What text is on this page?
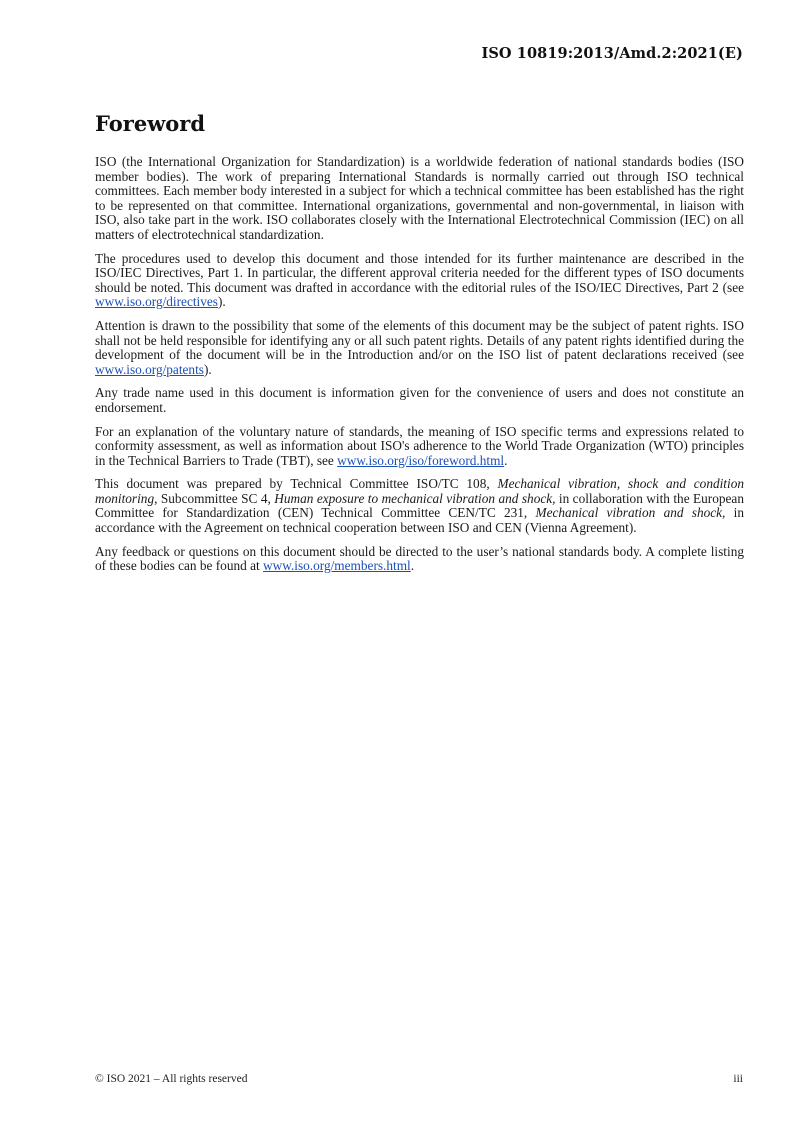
ISO 10819:2013/Amd.2:2021(E)
Foreword

ISO (the International Organization for Standardization) is a worldwide federation of national standards bodies (ISO member bodies). The work of preparing International Standards is normally carried out through ISO technical committees. Each member body interested in a subject for which a technical committee has been established has the right to be represented on that committee. International organizations, governmental and non-governmental, in liaison with ISO, also take part in the work. ISO collaborates closely with the International Electrotechnical Commission (IEC) on all matters of electrotechnical standardization.

The procedures used to develop this document and those intended for its further maintenance are described in the ISO/IEC Directives, Part 1. In particular, the different approval criteria needed for the different types of ISO documents should be noted. This document was drafted in accordance with the editorial rules of the ISO/IEC Directives, Part 2 (see www.iso.org/directives).

Attention is drawn to the possibility that some of the elements of this document may be the subject of patent rights. ISO shall not be held responsible for identifying any or all such patent rights. Details of any patent rights identified during the development of the document will be in the Introduction and/or on the ISO list of patent declarations received (see www.iso.org/patents).

Any trade name used in this document is information given for the convenience of users and does not constitute an endorsement.

For an explanation of the voluntary nature of standards, the meaning of ISO specific terms and expressions related to conformity assessment, as well as information about ISO's adherence to the World Trade Organization (WTO) principles in the Technical Barriers to Trade (TBT), see www.iso.org/iso/foreword.html.

This document was prepared by Technical Committee ISO/TC 108, Mechanical vibration, shock and condition monitoring, Subcommittee SC 4, Human exposure to mechanical vibration and shock, in collaboration with the European Committee for Standardization (CEN) Technical Committee CEN/TC 231, Mechanical vibration and shock, in accordance with the Agreement on technical cooperation between ISO and CEN (Vienna Agreement).

Any feedback or questions on this document should be directed to the user’s national standards body. A complete listing of these bodies can be found at www.iso.org/members.html.

© ISO 2021 – All rights reserved	iii
